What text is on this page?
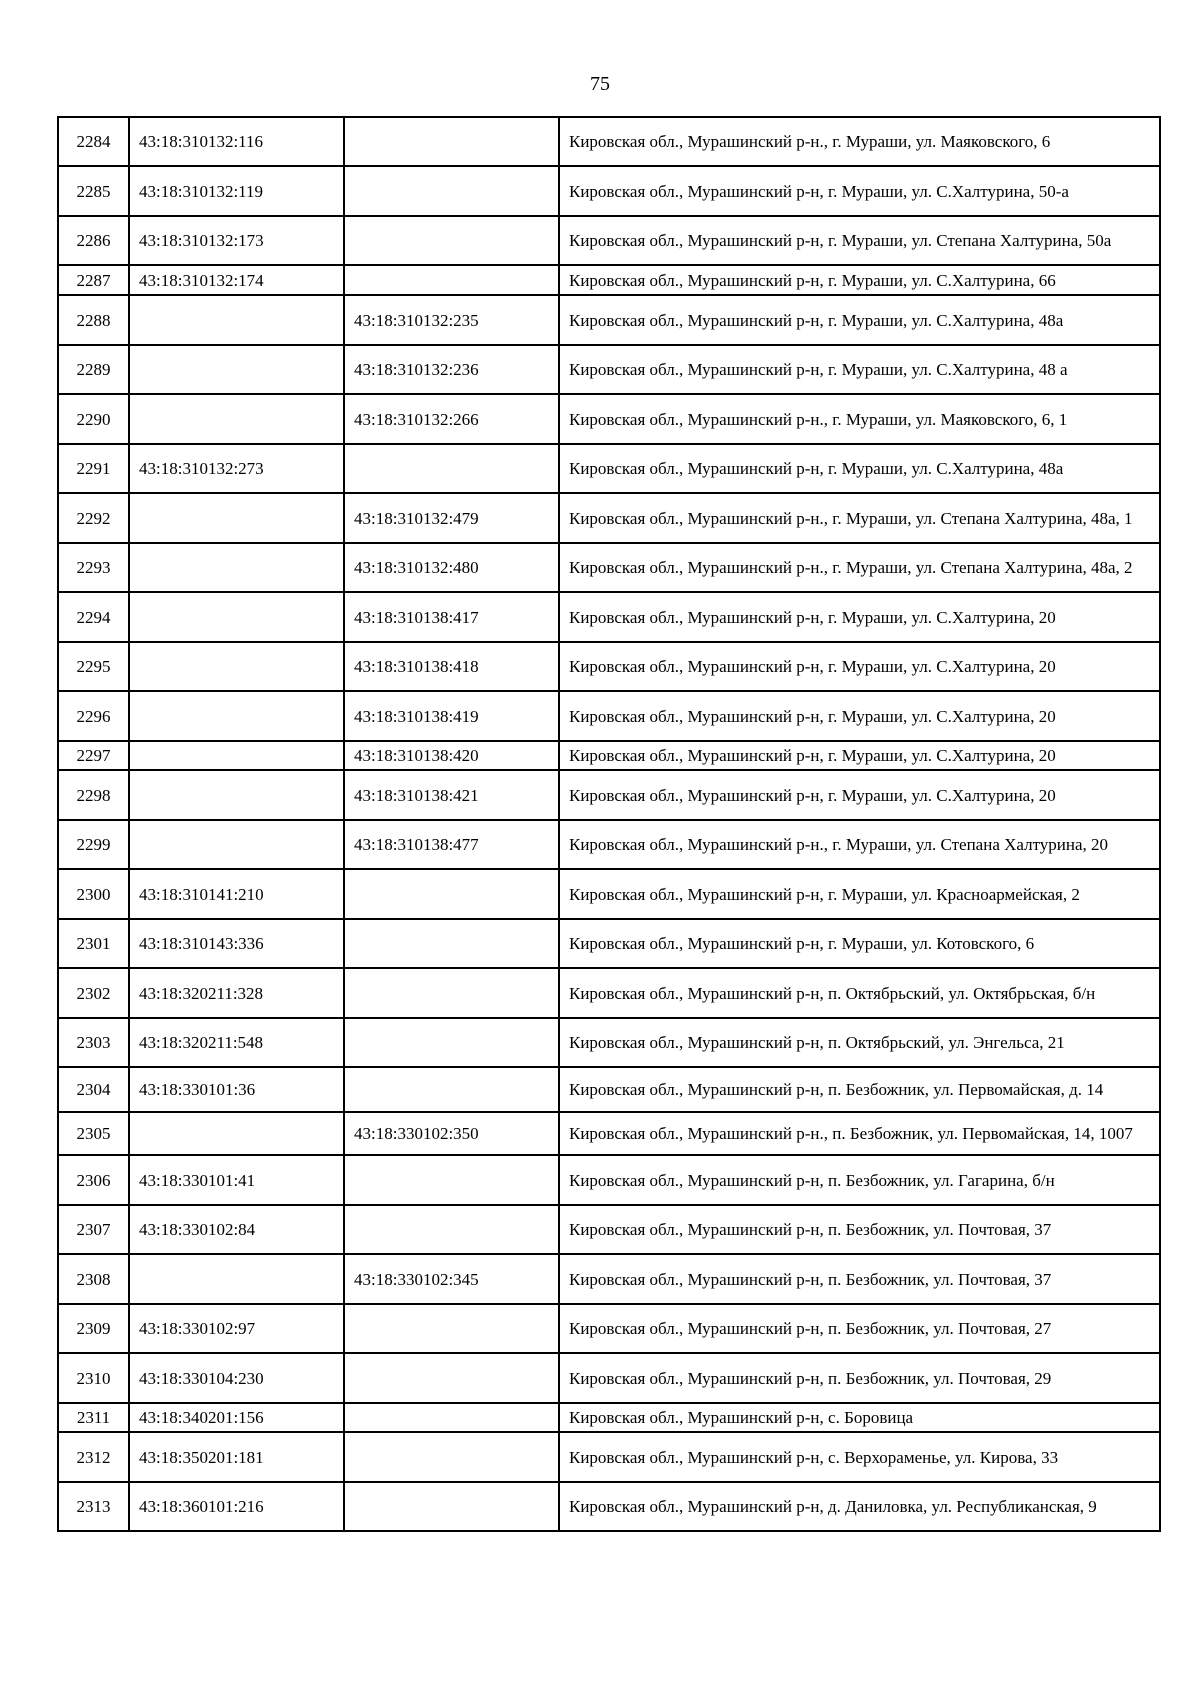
75
2284	43:18:310132:116		Кировская обл., Мурашинский р-н., г. Мураши, ул. Маяковского, 6
2285	43:18:310132:119		Кировская обл., Мурашинский р-н, г. Мураши, ул. С.Халтурина, 50-а
2286	43:18:310132:173		Кировская обл., Мурашинский р-н, г. Мураши, ул. Степана Халтурина, 50а
2287	43:18:310132:174		Кировская обл., Мурашинский р-н, г. Мураши, ул. С.Халтурина, 66
2288		43:18:310132:235	Кировская обл., Мурашинский р-н, г. Мураши, ул. С.Халтурина, 48а
2289		43:18:310132:236	Кировская обл., Мурашинский р-н, г. Мураши, ул. С.Халтурина, 48 а
2290		43:18:310132:266	Кировская обл., Мурашинский р-н., г. Мураши, ул. Маяковского, 6, 1
2291	43:18:310132:273		Кировская обл., Мурашинский р-н, г. Мураши, ул. С.Халтурина, 48а
2292		43:18:310132:479	Кировская обл., Мурашинский р-н., г. Мураши, ул. Степана Халтурина, 48а, 1
2293		43:18:310132:480	Кировская обл., Мурашинский р-н., г. Мураши, ул. Степана Халтурина, 48а, 2
2294		43:18:310138:417	Кировская обл., Мурашинский р-н, г. Мураши, ул. С.Халтурина, 20
2295		43:18:310138:418	Кировская обл., Мурашинский р-н, г. Мураши, ул. С.Халтурина, 20
2296		43:18:310138:419	Кировская обл., Мурашинский р-н, г. Мураши, ул. С.Халтурина, 20
2297		43:18:310138:420	Кировская обл., Мурашинский р-н, г. Мураши, ул. С.Халтурина, 20
2298		43:18:310138:421	Кировская обл., Мурашинский р-н, г. Мураши, ул. С.Халтурина, 20
2299		43:18:310138:477	Кировская обл., Мурашинский р-н., г. Мураши, ул. Степана Халтурина, 20
2300	43:18:310141:210		Кировская обл., Мурашинский р-н, г. Мураши, ул. Красноармейская, 2
2301	43:18:310143:336		Кировская обл., Мурашинский р-н, г. Мураши, ул. Котовского, 6
2302	43:18:320211:328		Кировская обл., Мурашинский р-н, п. Октябрьский, ул. Октябрьская, б/н
2303	43:18:320211:548		Кировская обл., Мурашинский р-н, п. Октябрьский, ул. Энгельса, 21
2304	43:18:330101:36		Кировская обл., Мурашинский р-н, п. Безбожник, ул. Первомайская, д. 14
2305		43:18:330102:350	Кировская обл., Мурашинский р-н., п. Безбожник, ул. Первомайская, 14, 1007
2306	43:18:330101:41		Кировская обл., Мурашинский р-н, п. Безбожник, ул. Гагарина, б/н
2307	43:18:330102:84		Кировская обл., Мурашинский р-н, п. Безбожник, ул. Почтовая, 37
2308		43:18:330102:345	Кировская обл., Мурашинский р-н, п. Безбожник, ул. Почтовая, 37
2309	43:18:330102:97		Кировская обл., Мурашинский р-н, п. Безбожник, ул. Почтовая, 27
2310	43:18:330104:230		Кировская обл., Мурашинский р-н, п. Безбожник, ул. Почтовая, 29
2311	43:18:340201:156		Кировская обл., Мурашинский р-н, с. Боровица
2312	43:18:350201:181		Кировская обл., Мурашинский р-н, с. Верхораменье, ул. Кирова, 33
2313	43:18:360101:216		Кировская обл., Мурашинский р-н, д. Даниловка, ул. Республиканская, 9
